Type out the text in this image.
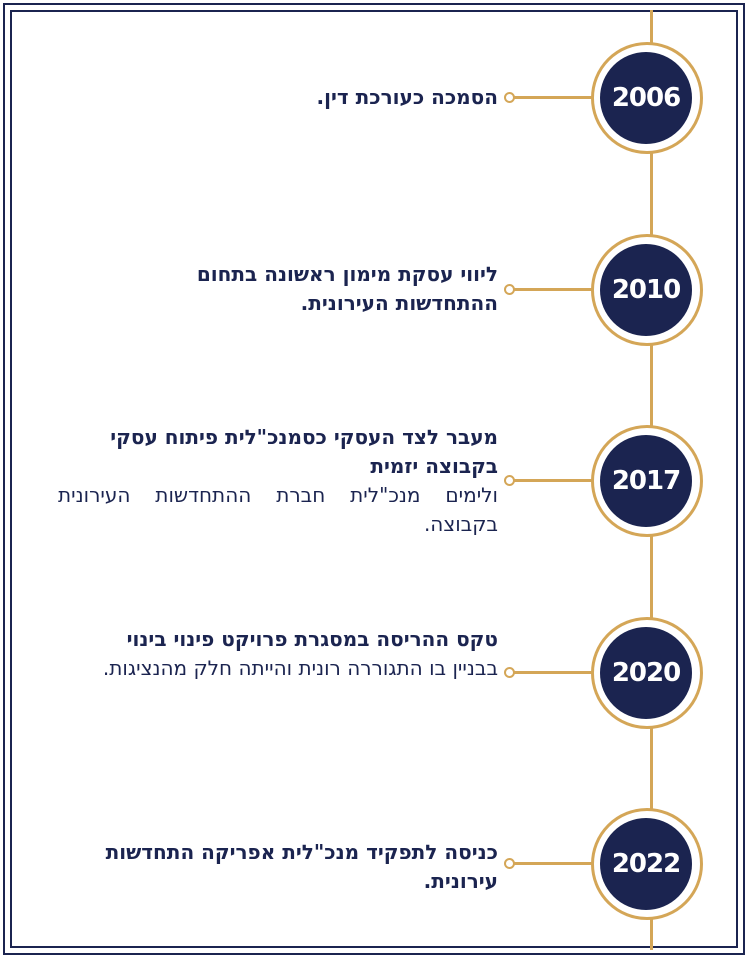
2006

הסמכה כעורכת דין.

2010

ליווי עסקת מימון ראשונה בתחום ההתחדשות העירונית.

2017

מעבר לצד העסקי כסמנכ"לית פיתוח עסקי בקבוצה יזמית

ולימים מנכ"לית חברת ההתחדשות העירונית בקבוצה.

2020

טקס ההריסה במסגרת פרויקט פינוי בינוי

בבניין בו התגוררה רונית והייתה חלק מהנציגות.

2022

כניסה לתפקיד מנכ"לית אפריקה התחדשות עירונית.
